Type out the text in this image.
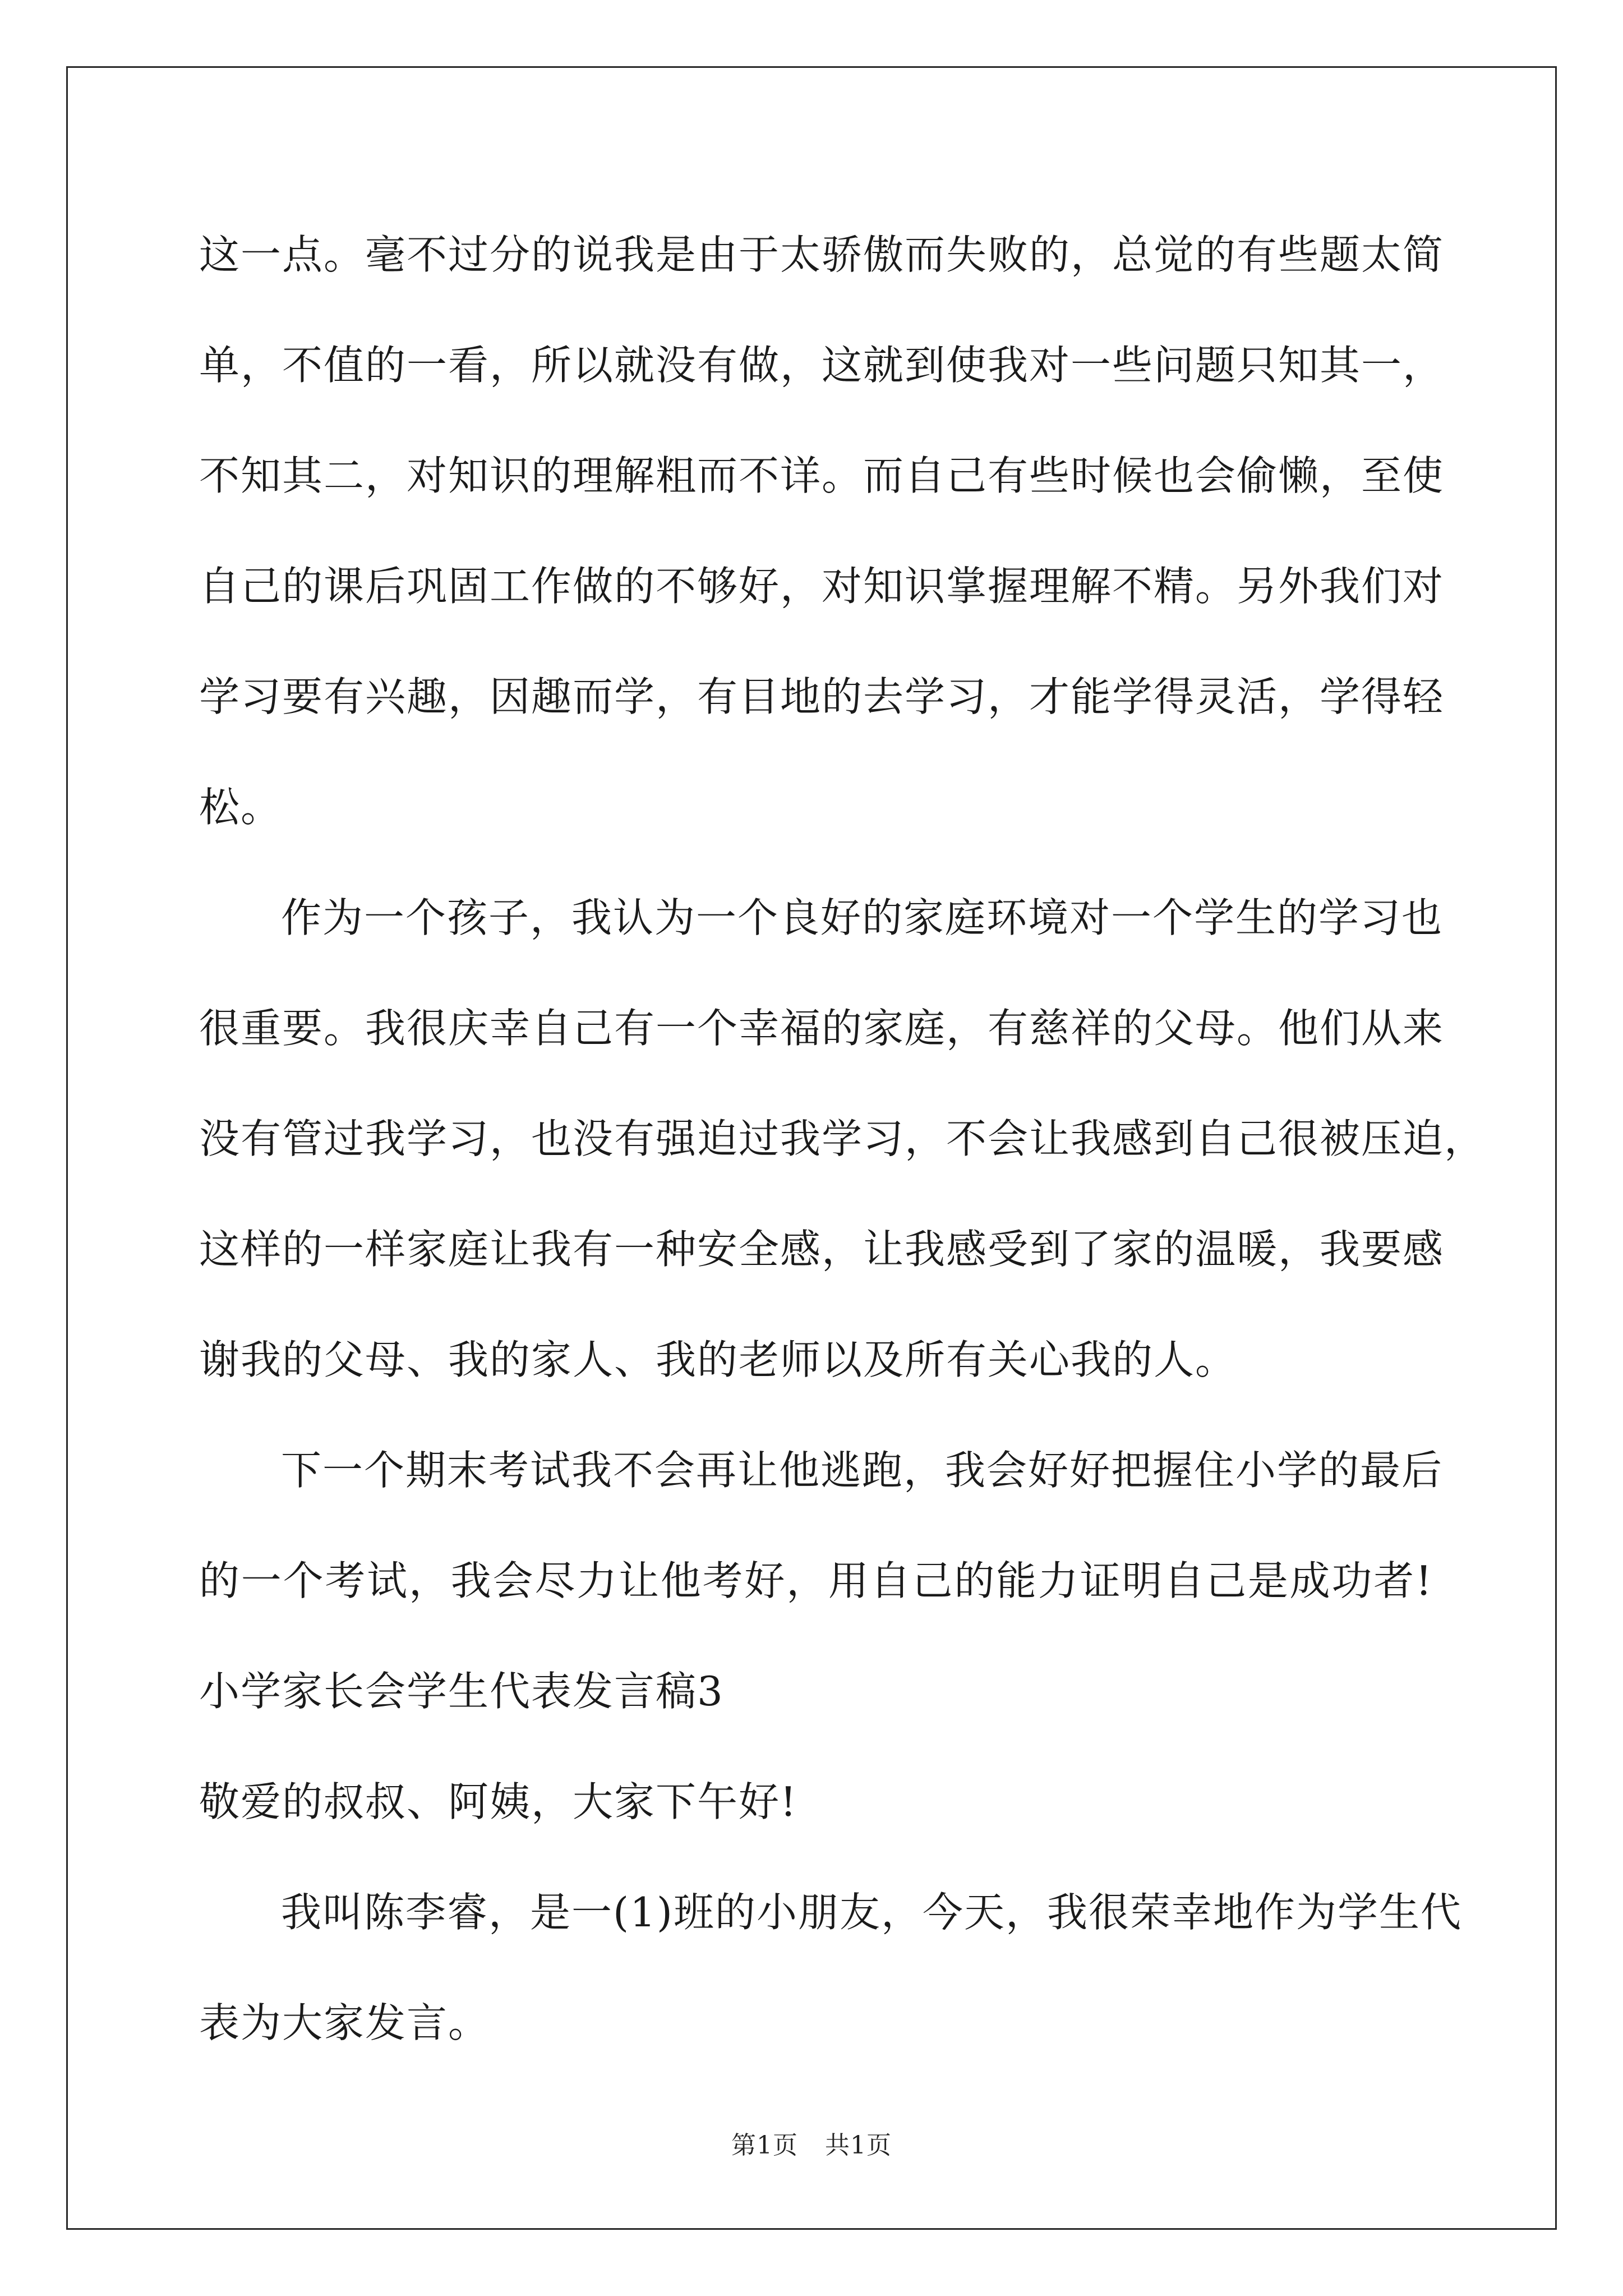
这一点。毫不过分的说我是由于太骄傲而失败的，总觉的有些题太简
单，不值的一看，所以就没有做，这就到使我对一些问题只知其一，
不知其二，对知识的理解粗而不详。而自己有些时候也会偷懒，至使
自己的课后巩固工作做的不够好，对知识掌握理解不精。另外我们对
学习要有兴趣，因趣而学，有目地的去学习，才能学得灵活，学得轻
松。
作为一个孩子，我认为一个良好的家庭环境对一个学生的学习也
很重要。我很庆幸自己有一个幸福的家庭，有慈祥的父母。他们从来
没有管过我学习，也没有强迫过我学习，不会让我感到自己很被压迫，
这样的一样家庭让我有一种安全感，让我感受到了家的温暖，我要感
谢我的父母、我的家人、我的老师以及所有关心我的人。
下一个期末考试我不会再让他逃跑，我会好好把握住小学的最后
的一个考试，我会尽力让他考好，用自己的能力证明自己是成功者!
小学家长会学生代表发言稿3
敬爱的叔叔、阿姨，大家下午好!
我叫陈李睿，是一(1)班的小朋友，今天，我很荣幸地作为学生代
表为大家发言。
第1页 共1页
